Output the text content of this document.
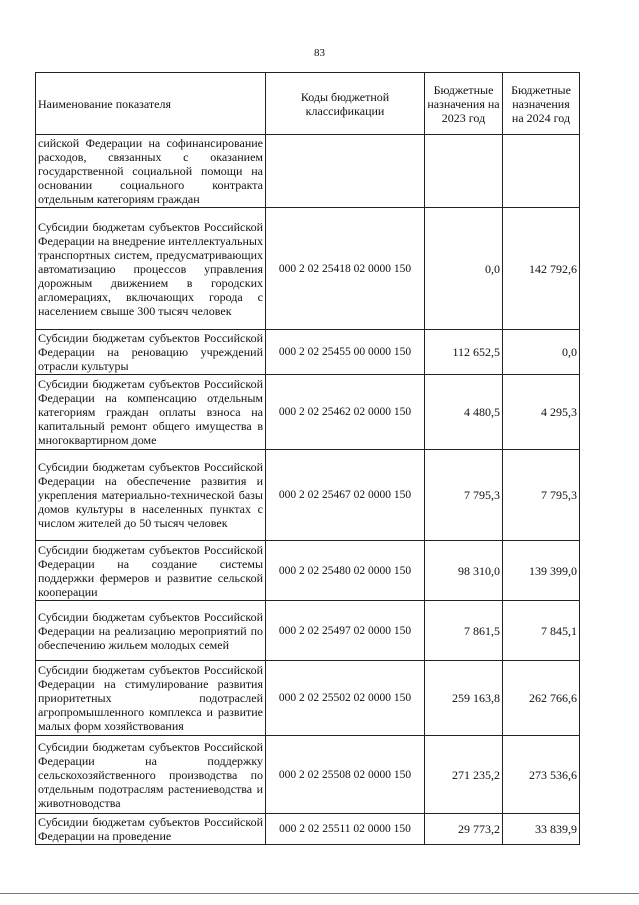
83
Наименование показателя	Коды бюджетной классификации	Бюджетные назначения на 2023 год	Бюджетные назначения на 2024 год
сийской Федерации на софинансирование расходов, связанных с оказанием государственной социальной помощи на основании социального контракта отдельным категориям граждан			
Субсидии бюджетам субъектов Российской Федерации на внедрение интеллектуальных транспортных систем, предусматривающих автоматизацию процессов управления дорожным движением в городских агломерациях, включающих города с населением свыше 300 тысяч человек	000 2 02 25418 02 0000 150	0,0	142 792,6
Субсидии бюджетам субъектов Российской Федерации на реновацию учреждений отрасли культуры	000 2 02 25455 00 0000 150	112 652,5	0,0
Субсидии бюджетам субъектов Российской Федерации на компенсацию отдельным категориям граждан оплаты взноса на капитальный ремонт общего имущества в многоквартирном доме	000 2 02 25462 02 0000 150	4 480,5	4 295,3
Субсидии бюджетам субъектов Российской Федерации на обеспечение развития и укрепления материально-технической базы домов культуры в населенных пунктах с числом жителей до 50 тысяч человек	000 2 02 25467 02 0000 150	7 795,3	7 795,3
Субсидии бюджетам субъектов Российской Федерации на создание системы поддержки фермеров и развитие сельской кооперации	000 2 02 25480 02 0000 150	98 310,0	139 399,0
Субсидии бюджетам субъектов Российской Федерации на реализацию мероприятий по обеспечению жильем молодых семей	000 2 02 25497 02 0000 150	7 861,5	7 845,1
Субсидии бюджетам субъектов Российской Федерации на стимулирование развития приоритетных подотраслей агропромышленного комплекса и развитие малых форм хозяйствования	000 2 02 25502 02 0000 150	259 163,8	262 766,6
Субсидии бюджетам субъектов Российской Федерации на поддержку сельскохозяйственного производства по отдельным подотраслям растениеводства и животноводства	000 2 02 25508 02 0000 150	271 235,2	273 536,6
Субсидии бюджетам субъектов Российской Федерации на проведение	000 2 02 25511 02 0000 150	29 773,2	33 839,9
